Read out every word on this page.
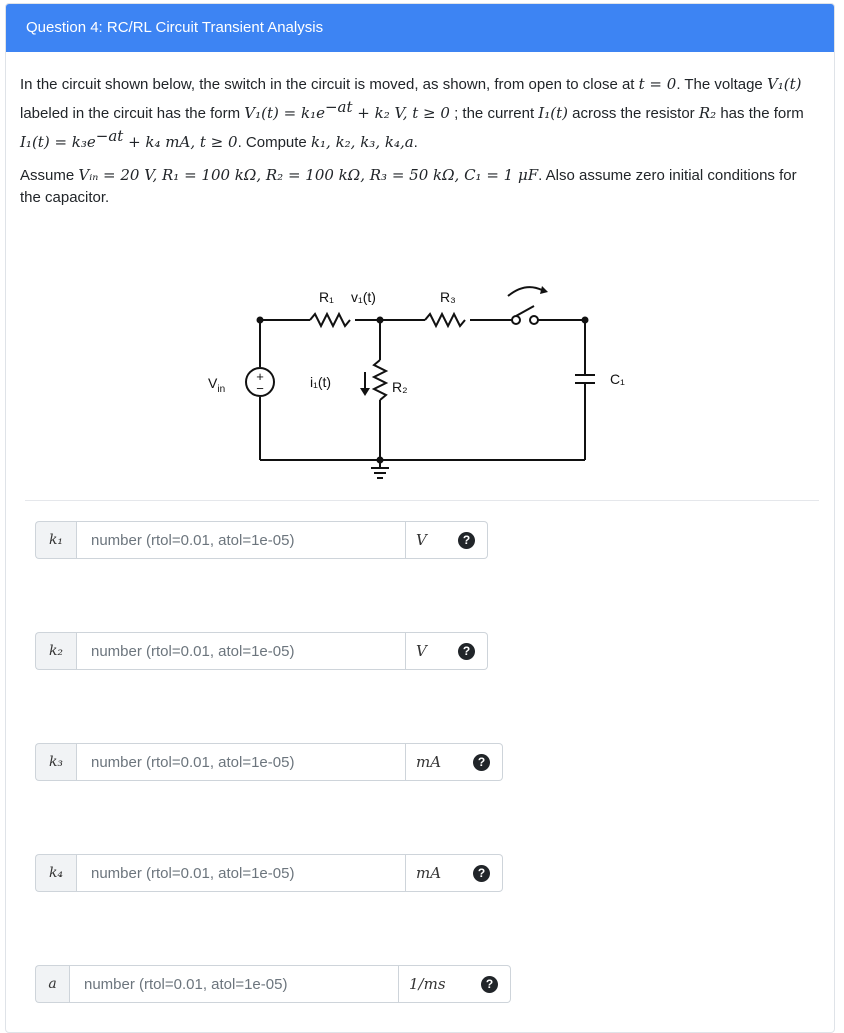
Question 4: RC/RL Circuit Transient Analysis

In the circuit shown below, the switch in the circuit is moved, as shown, from open to close at t = 0. The voltage V₁(t) labeled in the circuit has the form $V_1(t) = k_1e^{-at} + k_2$ V, t ≥ 0 ; the current I₁(t) across the resistor R₂ has the form $I_1(t) = k_3e^{-at} + k_4$ mA, t ≥ 0. Compute k₁, k₂, k₃, k₄,a.

Assume Vᵢₙ = 20 V, R₁ = 100 kΩ, R₂ = 100 kΩ, R₃ = 50 kΩ, C₁ = 1 μF. Also assume zero initial conditions for the capacitor.

+
−
R₁ v₁(t)	R₃
$V_{in}$	i₁(t)	R₂	C₁
k₁	number (rtol=0.01, atol=1e-05)	V	?
k₂	number (rtol=0.01, atol=1e-05)	V	?
k₃	number (rtol=0.01, atol=1e-05)	mA	?
k₄	number (rtol=0.01, atol=1e-05)	mA	?
a	number (rtol=0.01, atol=1e-05)	1/ms	?
